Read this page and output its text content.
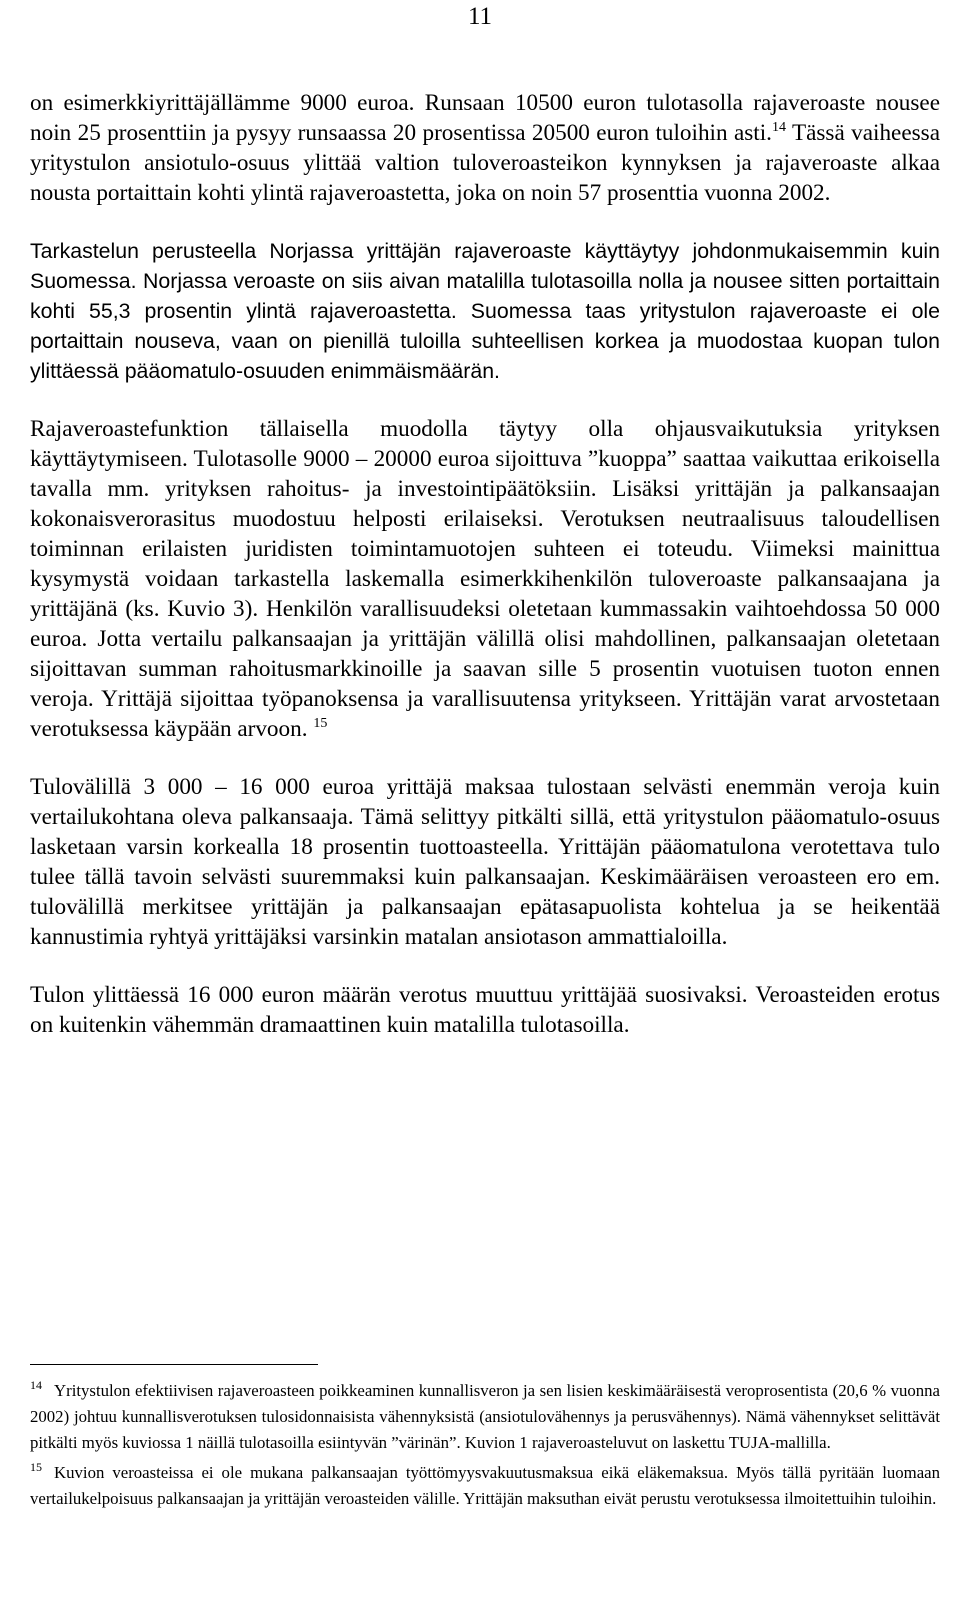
11

on esimerkkiyrittäjällämme 9000 euroa. Runsaan 10500 euron tulotasolla rajaveroaste nousee noin 25 prosenttiin ja pysyy runsaassa 20 prosentissa 20500 euron tuloihin asti.$^{14}$ Tässä vaiheessa yritystulon ansiotulo-osuus ylittää valtion tuloveroasteikon kynnyksen ja rajaveroaste alkaa nousta portaittain kohti ylintä rajaveroastetta, joka on noin 57 prosenttia vuonna 2002.

Tarkastelun perusteella Norjassa yrittäjän rajaveroaste käyttäytyy johdonmukaisemmin kuin Suomessa. Norjassa veroaste on siis aivan matalilla tulotasoilla nolla ja nousee sitten portaittain kohti 55,3 prosentin ylintä rajaveroastetta. Suomessa taas yritystulon rajaveroaste ei ole portaittain nouseva, vaan on pienillä tuloilla suhteellisen korkea ja muodostaa kuopan tulon ylittäessä pääomatulo-osuuden enimmäismäärän.

Rajaveroastefunktion tällaisella muodolla täytyy olla ohjausvaikutuksia yrityksen käyttäytymiseen. Tulotasolle 9000 – 20000 euroa sijoittuva ”kuoppa” saattaa vaikuttaa erikoisella tavalla mm. yrityksen rahoitus- ja investointipäätöksiin. Lisäksi yrittäjän ja palkansaajan kokonaisverorasitus muodostuu helposti erilaiseksi. Verotuksen neutraalisuus taloudellisen toiminnan erilaisten juridisten toimintamuotojen suhteen ei toteudu. Viimeksi mainittua kysymystä voidaan tarkastella laskemalla esimerkkihenkilön tuloveroaste palkansaajana ja yrittäjänä (ks. Kuvio 3). Henkilön varallisuudeksi oletetaan kummassakin vaihtoehdossa 50 000 euroa. Jotta vertailu palkansaajan ja yrittäjän välillä olisi mahdollinen, palkansaajan oletetaan sijoittavan summan rahoitusmarkkinoille ja saavan sille 5 prosentin vuotuisen tuoton ennen veroja. Yrittäjä sijoittaa työpanoksensa ja varallisuutensa yritykseen. Yrittäjän varat arvostetaan verotuksessa käypään arvoon. $^{15}$

Tulovälillä 3 000 – 16 000 euroa yrittäjä maksaa tulostaan selvästi enemmän veroja kuin vertailukohtana oleva palkansaaja. Tämä selittyy pitkälti sillä, että yritystulon pääomatulo-osuus lasketaan varsin korkealla 18 prosentin tuottoasteella. Yrittäjän pääomatulona verotettava tulo tulee tällä tavoin selvästi suuremmaksi kuin palkansaajan. Keskimääräisen veroasteen ero em. tulovälillä merkitsee yrittäjän ja palkansaajan epätasapuolista kohtelua ja se heikentää kannustimia ryhtyä yrittäjäksi varsinkin matalan ansiotason ammattialoilla.

Tulon ylittäessä 16 000 euron määrän verotus muuttuu yrittäjää suosivaksi. Veroasteiden erotus on kuitenkin vähemmän dramaattinen kuin matalilla tulotasoilla.

$^{14}$ Yritystulon efektiivisen rajaveroasteen poikkeaminen kunnallisveron ja sen lisien keskimääräisestä veroprosentista (20,6 % vuonna 2002) johtuu kunnallisverotuksen tulosidonnaisista vähennyksistä (ansiotulovähennys ja perusvähennys). Nämä vähennykset selittävät pitkälti myös kuviossa 1 näillä tulotasoilla esiintyvän ”värinän”. Kuvion 1 rajaveroasteluvut on laskettu TUJA-mallilla.

$^{15}$ Kuvion veroasteissa ei ole mukana palkansaajan työttömyysvakuutusmaksua eikä eläkemaksua. Myös tällä pyritään luomaan vertailukelpoisuus palkansaajan ja yrittäjän veroasteiden välille. Yrittäjän maksuthan eivät perustu verotuksessa ilmoitettuihin tuloihin.
